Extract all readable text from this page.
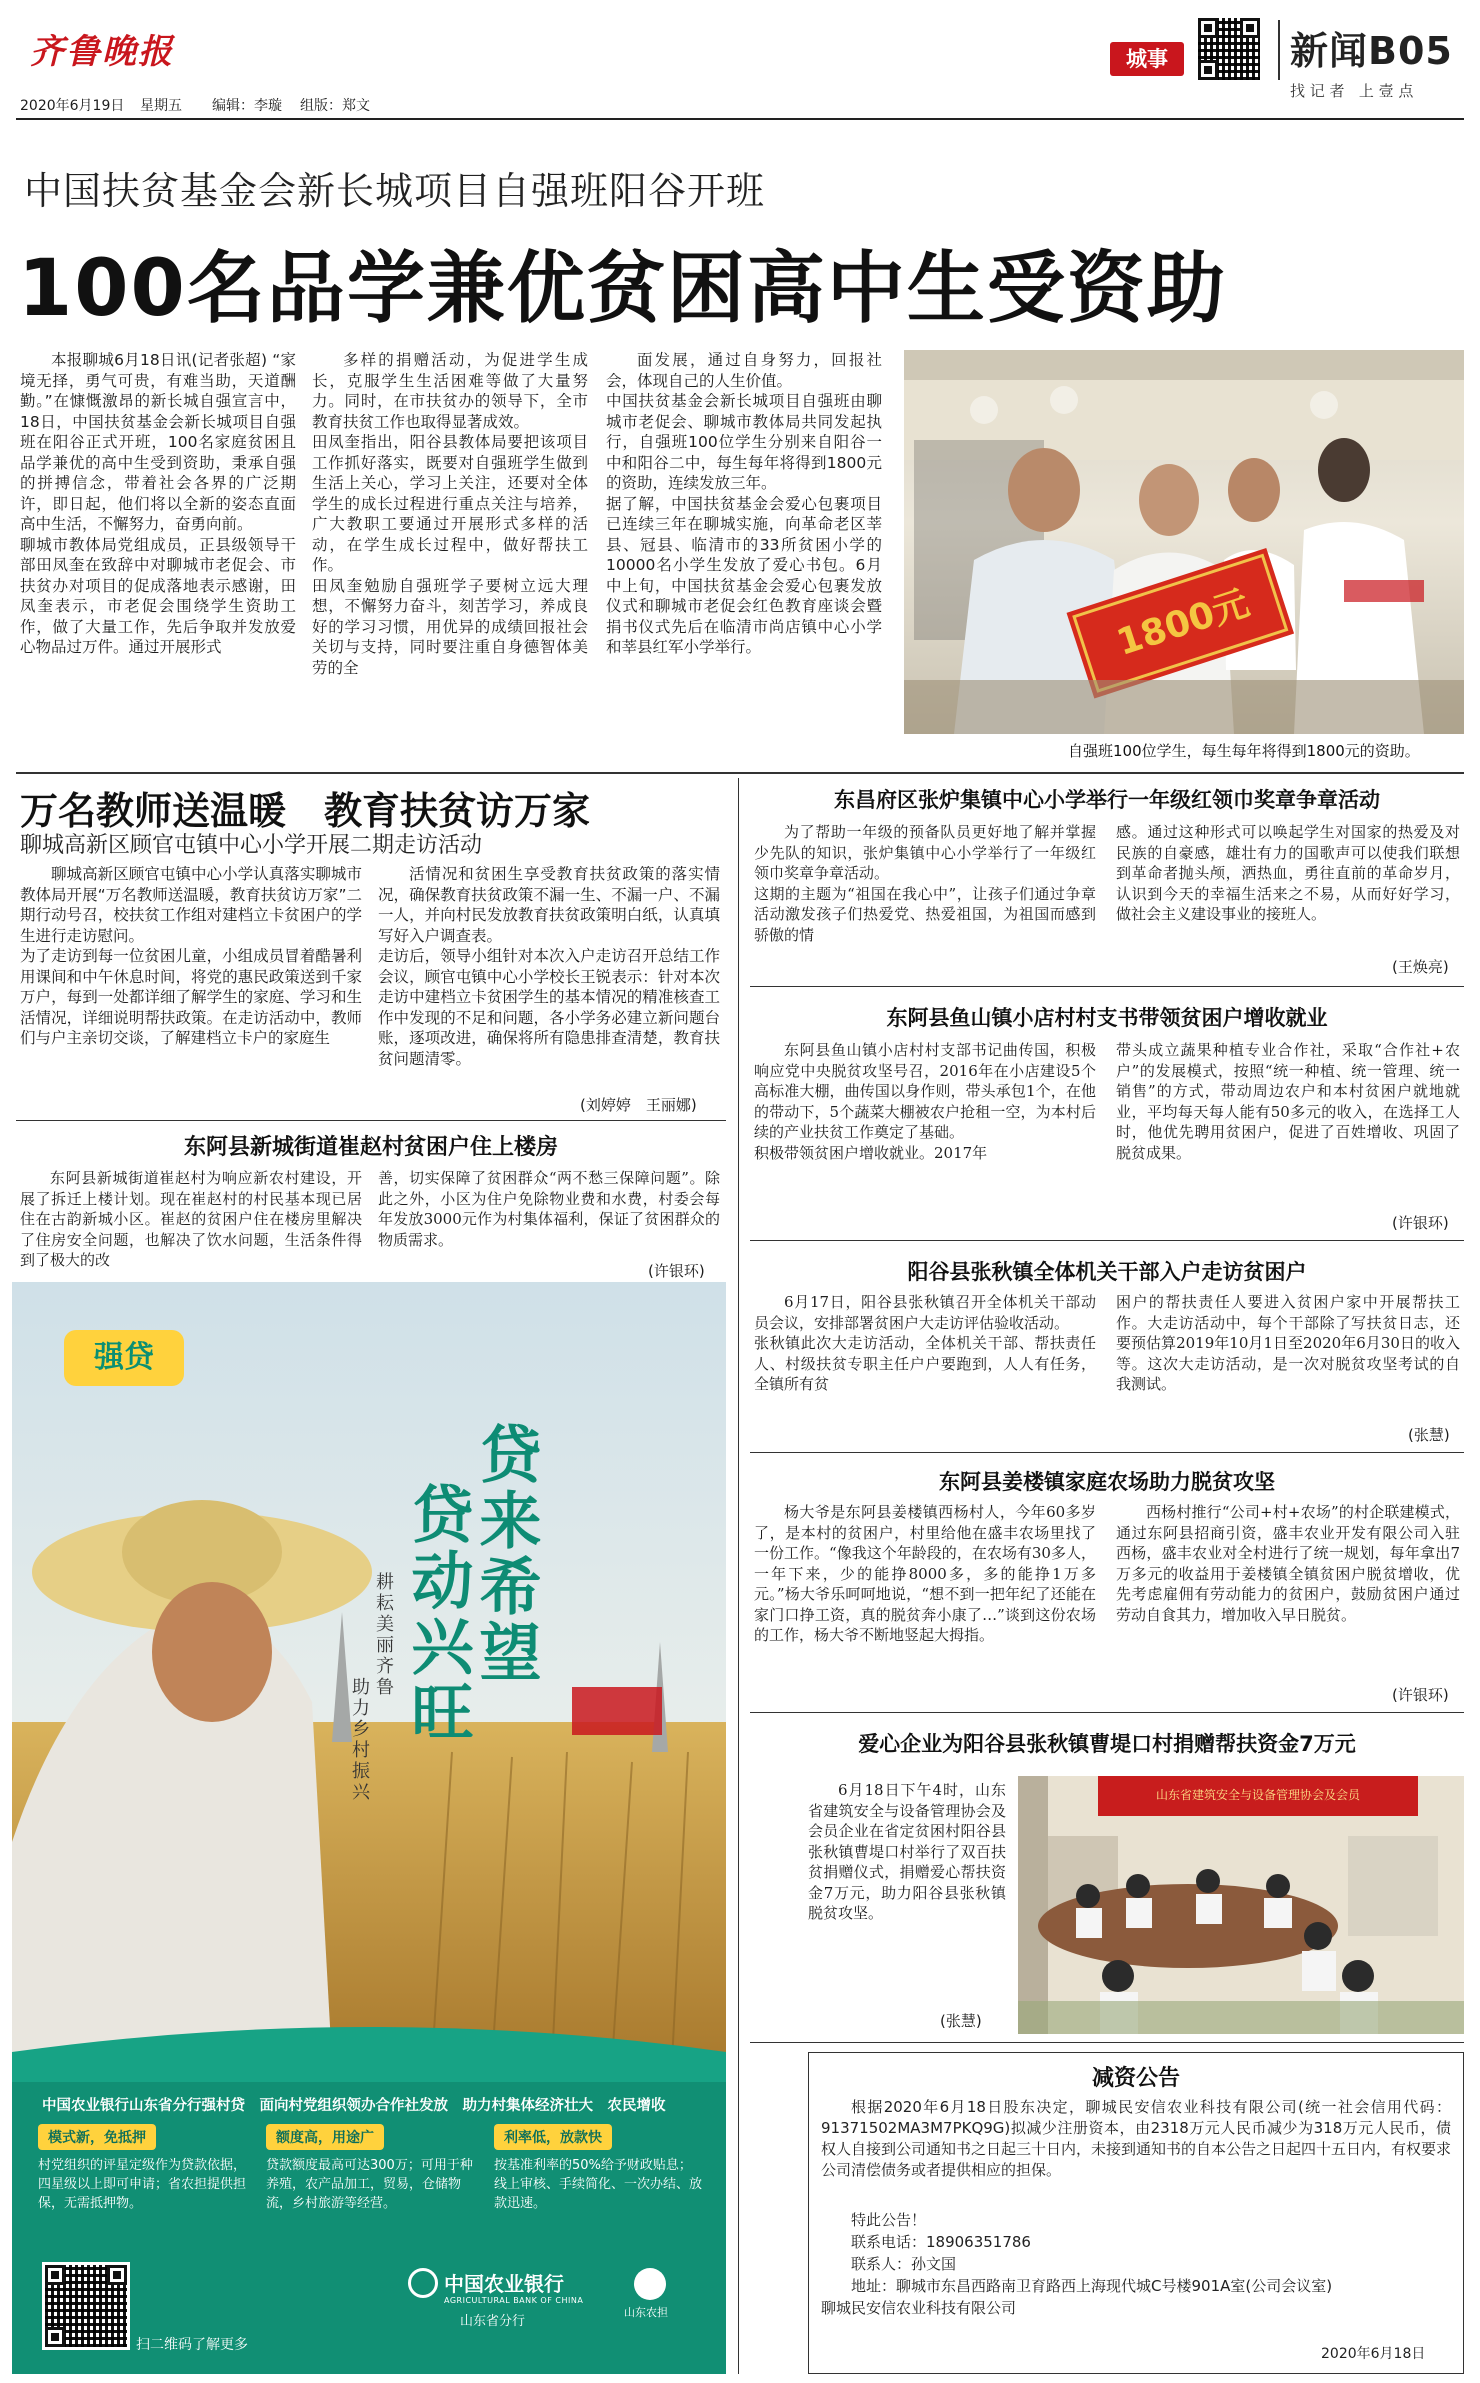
齐鲁晚报
2020年6月19日 星期五 编辑：李璇 组版：郑文
城事	新闻B05
找 记 者   上 壹 点
中国扶贫基金会新长城项目自强班阳谷开班
100名品学兼优贫困高中生受资助
本报聊城6月18日讯(记者张超) “家境无择，勇气可贵，有难当助，天道酬勤。”在慷慨激昂的新长城自强宣言中，18日，中国扶贫基金会新长城项目自强班在阳谷正式开班，100名家庭贫困且品学兼优的高中生受到资助，秉承自强的拼搏信念，带着社会各界的广泛期许，即日起，他们将以全新的姿态直面高中生活，不懈努力，奋勇向前。
聊城市教体局党组成员，正县级领导干部田凤奎在致辞中对聊城市老促会、市扶贫办对项目的促成落地表示感谢，田凤奎表示，市老促会围绕学生资助工作，做了大量工作，先后争取并发放爱心物品过万件。通过开展形式
多样的捐赠活动，为促进学生成长，克服学生生活困难等做了大量努力。同时，在市扶贫办的领导下，全市教育扶贫工作也取得显著成效。
田凤奎指出，阳谷县教体局要把该项目工作抓好落实，既要对自强班学生做到生活上关心，学习上关注，还要对全体学生的成长过程进行重点关注与培养，广大教职工要通过开展形式多样的活动，在学生成长过程中，做好帮扶工作。
田凤奎勉励自强班学子要树立远大理想，不懈努力奋斗，刻苦学习，养成良好的学习习惯，用优异的成绩回报社会关切与支持，同时要注重自身德智体美劳的全
面发展，通过自身努力，回报社会，体现自己的人生价值。
中国扶贫基金会新长城项目自强班由聊城市老促会、聊城市教体局共同发起执行，自强班100位学生分别来自阳谷一中和阳谷二中，每生每年将得到1800元的资助，连续发放三年。
据了解，中国扶贫基金会爱心包裹项目已连续三年在聊城实施，向革命老区莘县、冠县、临清市的33所贫困小学的10000名小学生发放了爱心书包。6月中上旬，中国扶贫基金会爱心包裹发放仪式和聊城市老促会红色教育座谈会暨捐书仪式先后在临清市尚店镇中心小学和莘县红军小学举行。	1800元
自强班100位学生，每生每年将得到1800元的资助。
万名教师送温暖　教育扶贫访万家
聊城高新区顾官屯镇中心小学开展二期走访活动
聊城高新区顾官屯镇中心小学认真落实聊城市教体局开展“万名教师送温暖，教育扶贫访万家”二期行动号召，校扶贫工作组对建档立卡贫困户的学生进行走访慰问。
为了走访到每一位贫困儿童，小组成员冒着酷暑利用课间和中午休息时间，将党的惠民政策送到千家万户，每到一处都详细了解学生的家庭、学习和生活情况，详细说明帮扶政策。在走访活动中，教师们与户主亲切交谈，了解建档立卡户的家庭生
活情况和贫困生享受教育扶贫政策的落实情况，确保教育扶贫政策不漏一生、不漏一户、不漏一人，并向村民发放教育扶贫政策明白纸，认真填写好入户调查表。
走访后，领导小组针对本次入户走访召开总结工作会议，顾官屯镇中心小学校长王锐表示：针对本次走访中建档立卡贫困学生的基本情况的精准核查工作中发现的不足和问题，各小学务必建立新问题台账，逐项改进，确保将所有隐患排查清楚，教育扶贫问题清零。
(刘婷婷　王丽娜)
东阿县新城街道崔赵村贫困户住上楼房
东阿县新城街道崔赵村为响应新农村建设，开展了拆迁上楼计划。现在崔赵村的村民基本现已居住在古韵新城小区。崔赵的贫困户住在楼房里解决了住房安全问题，也解决了饮水问题，生活条件得到了极大的改
善，切实保障了贫困群众“两不愁三保障问题”。除此之外，小区为住户免除物业费和水费，村委会每年发放3000元作为村集体福利，保证了贫困群众的物质需求。
(许银环)
强贷
贷来希望
贷动兴旺
耕耘美丽齐鲁
助力乡村振兴
中国农业银行山东省分行强村贷　面向村党组织领办合作社发放　助力村集体经济壮大　农民增收
模式新，免抵押
村党组织的评星定级作为贷款依据，四星级以上即可申请；省农担提供担保，无需抵押物。
额度高，用途广
贷款额度最高可达300万；可用于种养殖，农产品加工，贸易，仓储物流，乡村旅游等经营。
利率低，放款快
按基准利率的50%给予财政贴息；线上审核、手续简化、一次办结、放款迅速。
扫二维码了解更多
中国农业银行
AGRICULTURAL BANK OF CHINA
山东省分行
山东农担
东昌府区张炉集镇中心小学举行一年级红领巾奖章争章活动
为了帮助一年级的预备队员更好地了解并掌握少先队的知识，张炉集镇中心小学举行了一年级红领巾奖章争章活动。
这期的主题为“祖国在我心中”，让孩子们通过争章活动激发孩子们热爱党、热爱祖国，为祖国而感到骄傲的情
感。通过这种形式可以唤起学生对国家的热爱及对民族的自豪感，雄壮有力的国歌声可以使我们联想到革命者抛头颅，洒热血，勇往直前的革命岁月，认识到今天的幸福生活来之不易，从而好好学习，做社会主义建设事业的接班人。
(王焕亮)
东阿县鱼山镇小店村村支书带领贫困户增收就业
东阿县鱼山镇小店村村支部书记曲传国，积极响应党中央脱贫攻坚号召，2016年在小店建设5个高标准大棚，曲传国以身作则，带头承包1个，在他的带动下，5个蔬菜大棚被农户抢租一空，为本村后续的产业扶贫工作奠定了基础。
积极带领贫困户增收就业。2017年
带头成立蔬果种植专业合作社，采取“合作社+农户”的发展模式，按照“统一种植、统一管理、统一销售”的方式，带动周边农户和本村贫困户就地就业，平均每天每人能有50多元的收入，在选择工人时，他优先聘用贫困户，促进了百姓增收、巩固了脱贫成果。
(许银环)
阳谷县张秋镇全体机关干部入户走访贫困户
6月17日，阳谷县张秋镇召开全体机关干部动员会议，安排部署贫困户大走访评估验收活动。
张秋镇此次大走访活动，全体机关干部、帮扶责任人、村级扶贫专职主任户户要跑到，人人有任务，全镇所有贫
困户的帮扶责任人要进入贫困户家中开展帮扶工作。大走访活动中，每个干部除了写扶贫日志，还要预估算2019年10月1日至2020年6月30日的收入等。这次大走访活动，是一次对脱贫攻坚考试的自我测试。
(张慧)
东阿县姜楼镇家庭农场助力脱贫攻坚
杨大爷是东阿县姜楼镇西杨村人，今年60多岁了，是本村的贫困户，村里给他在盛丰农场里找了一份工作。“像我这个年龄段的，在农场有30多人，一年下来，少的能挣8000多，多的能挣1万多元。”杨大爷乐呵呵地说，“想不到一把年纪了还能在家门口挣工资，真的脱贫奔小康了…”谈到这份农场的工作，杨大爷不断地竖起大拇指。
西杨村推行“公司+村+农场”的村企联建模式，通过东阿县招商引资，盛丰农业开发有限公司入驻西杨，盛丰农业对全村进行了统一规划，每年拿出7万多元的收益用于姜楼镇全镇贫困户脱贫增收，优先考虑雇佣有劳动能力的贫困户，鼓励贫困户通过劳动自食其力，增加收入早日脱贫。
(许银环)
爱心企业为阳谷县张秋镇曹堤口村捐赠帮扶资金7万元
6月18日下午4时，山东省建筑安全与设备管理协会及会员企业在省定贫困村阳谷县张秋镇曹堤口村举行了双百扶贫捐赠仪式，捐赠爱心帮扶资金7万元，助力阳谷县张秋镇脱贫攻坚。
(张慧)
山东省建筑安全与设备管理协会及会员
减资公告
根据2020年6月18日股东决定，聊城民安信农业科技有限公司(统一社会信用代码：91371502MA3M7PKQ9G)拟减少注册资本，由2318万元人民币减少为318万元人民币，债权人自接到公司通知书之日起三十日内，未接到通知书的自本公告之日起四十五日内，有权要求公司清偿债务或者提供相应的担保。
特此公告！
联系电话：18906351786
联系人：孙文国
地址：聊城市东昌西路南卫育路西上海现代城C号楼901A室(公司会议室)
聊城民安信农业科技有限公司
2020年6月18日
